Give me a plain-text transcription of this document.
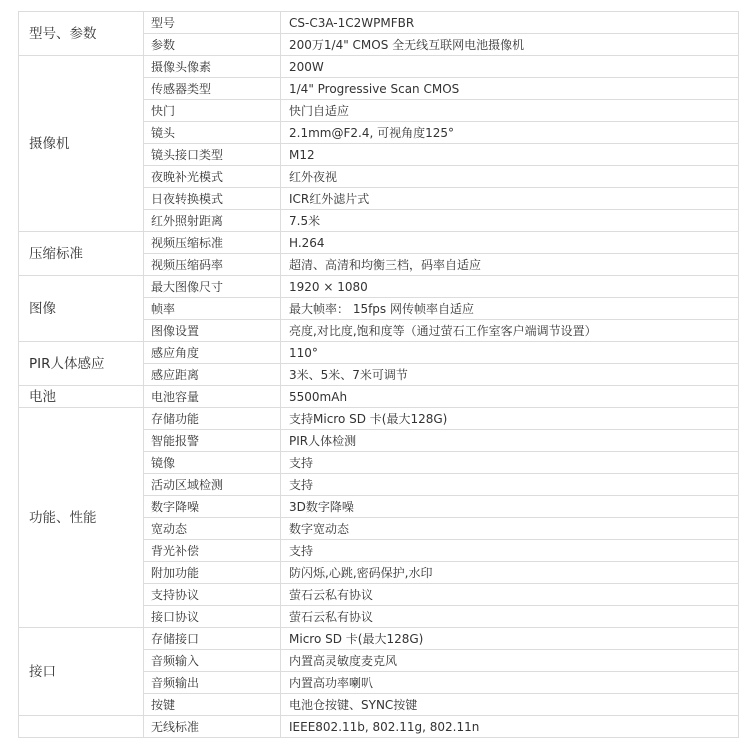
型号、参数	型号	CS-C3A-1C2WPMFBR
	参数	200万1/4" CMOS 全无线互联网电池摄像机
摄像机	摄像头像素	200W
	传感器类型	1/4" Progressive Scan CMOS
	快门	快门自适应
	镜头	2.1mm@F2.4, 可视角度125°
	镜头接口类型	M12
	夜晚补光模式	红外夜视
	日夜转换模式	ICR红外滤片式
	红外照射距离	7.5米
压缩标准	视频压缩标准	H.264
	视频压缩码率	超清、高清和均衡三档，码率自适应
图像	最大图像尺寸	1920 × 1080
	帧率	最大帧率： 15fps 网传帧率自适应
	图像设置	亮度,对比度,饱和度等（通过萤石工作室客户端调节设置）
PIR人体感应	感应角度	110°
	感应距离	3米、5米、7米可调节
电池	电池容量	5500mAh
功能、性能	存储功能	支持Micro SD 卡(最大128G)
	智能报警	PIR人体检测
	镜像	支持
	活动区域检测	支持
	数字降噪	3D数字降噪
	宽动态	数字宽动态
	背光补偿	支持
	附加功能	防闪烁,心跳,密码保护,水印
	支持协议	萤石云私有协议
	接口协议	萤石云私有协议
接口	存储接口	Micro SD 卡(最大128G)
	音频输入	内置高灵敏度麦克风
	音频输出	内置高功率喇叭
	按键	电池仓按键、SYNC按键
	无线标准	IEEE802.11b, 802.11g, 802.11n
